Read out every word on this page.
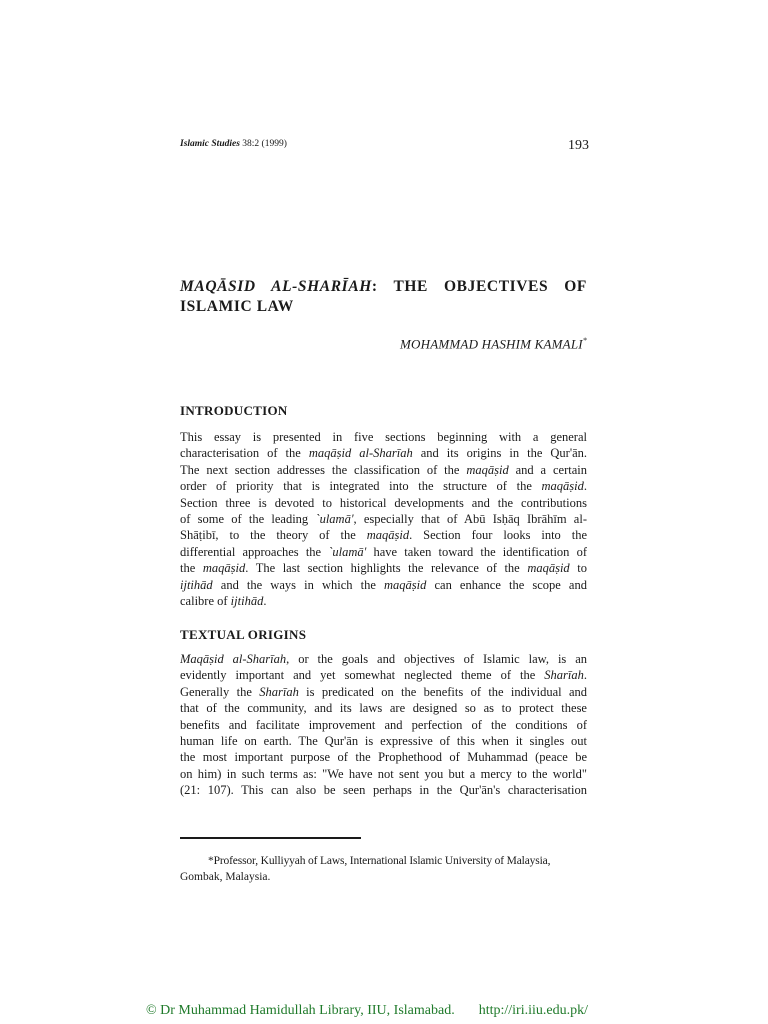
Islamic Studies 38:2 (1999)	193
MAQĀSID AL-SHARĪAH: THE OBJECTIVES OF
ISLAMIC LAW
MOHAMMAD HASHIM KAMALI*
INTRODUCTION
This essay is presented in five sections beginning with a general
characterisation of the maqāṣid al-Sharīah and its origins in the Qur'ān.
The next section addresses the classification of the maqāṣid and a certain
order of priority that is integrated into the structure of the maqāṣid.
Section three is devoted to historical developments and the contributions
of some of the leading `ulamā', especially that of Abū Isḥāq Ibrāhīm al-
Shāṭibī, to the theory of the maqāṣid. Section four looks into the
differential approaches the `ulamā' have taken toward the identification of
the maqāṣid. The last section highlights the relevance of the maqāṣid to
ijtihād and the ways in which the maqāṣid can enhance the scope and
calibre of ijtihād.
TEXTUAL ORIGINS
Maqāṣid al-Sharīah, or the goals and objectives of Islamic law, is an
evidently important and yet somewhat neglected theme of the Sharīah.
Generally the Sharīah is predicated on the benefits of the individual and
that of the community, and its laws are designed so as to protect these
benefits and facilitate improvement and perfection of the conditions of
human life on earth. The Qur'ān is expressive of this when it singles out
the most important purpose of the Prophethood of Muhammad (peace be
on him) in such terms as: "We have not sent you but a mercy to the world"
(21: 107). This can also be seen perhaps in the Qur'ān's characterisation
*Professor, Kulliyyah of Laws, International Islamic University of Malaysia,
Gombak, Malaysia.
© Dr Muhammad Hamidullah Library, IIU, Islamabad. http://iri.iiu.edu.pk/
